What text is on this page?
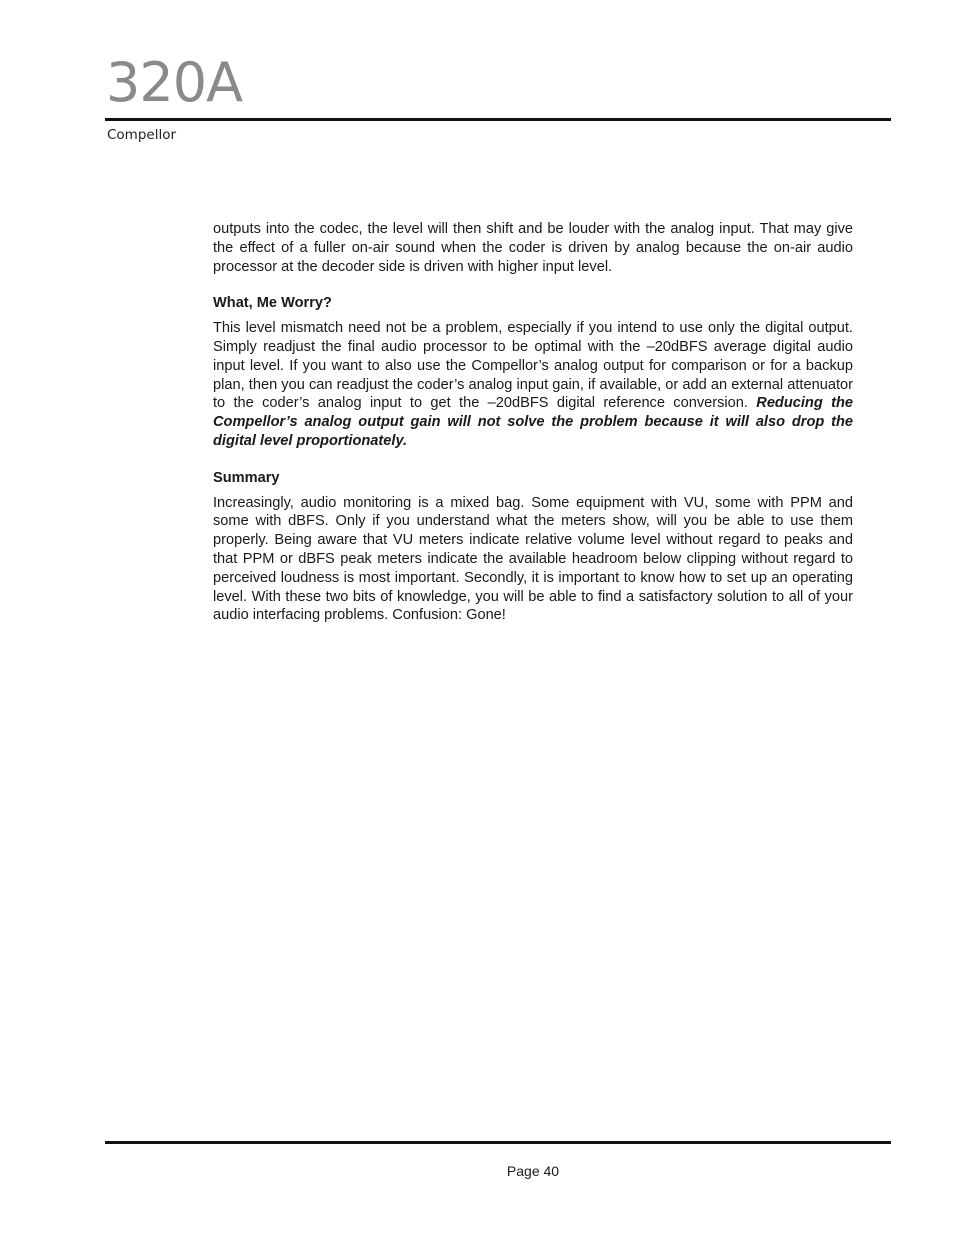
320A
Compellor

outputs into the codec, the level will then shift and be louder with the analog input. That may give the effect of a fuller on-air sound when the coder is driven by analog because the on-air audio processor at the decoder side is driven with higher input level.

What, Me Worry?

This level mismatch need not be a problem, especially if you intend to use only the digital output. Simply readjust the final audio processor to be optimal with the –20dBFS average digital audio input level. If you want to also use the Compellor’s analog output for comparison or for a backup plan, then you can readjust the coder’s analog input gain, if available, or add an external attenuator to the coder’s analog input to get the –20dBFS digital reference conversion. Reducing the Compellor’s analog output gain will not solve the problem because it will also drop the digital level proportionately.

Summary

Increasingly, audio monitoring is a mixed bag. Some equipment with VU, some with PPM and some with dBFS. Only if you understand what the meters show, will you be able to use them properly. Being aware that VU meters indicate relative volume level without regard to peaks and that PPM or dBFS peak meters indicate the available headroom below clipping without regard to perceived loudness is most important. Secondly, it is important to know how to set up an operating level. With these two bits of knowledge, you will be able to find a satisfactory solution to all of your audio interfacing problems. Confusion: Gone!

Page 40
